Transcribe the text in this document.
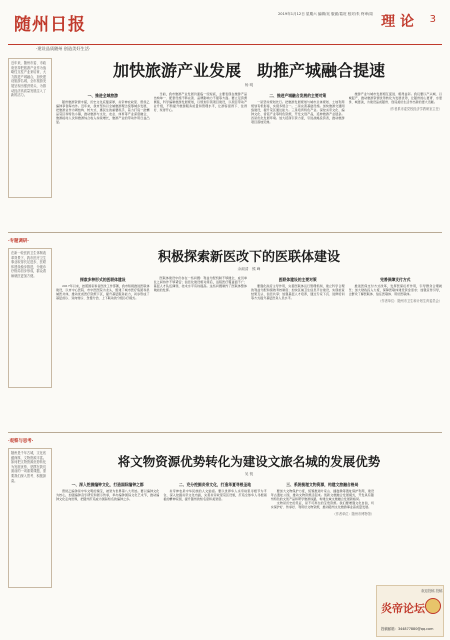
随州日报
2019年1月12日 星期六 编辑/吴 版面/葛旺 校对/朱 终审/周 理 论 3
·建设品质随州 创造美好生活·

近年来，随州市委、市政府坚持把旅游产业作为战略性支柱产业来培育，大力推进产城融合，加快建设旅游名城，全市旅游发展呈现出强劲势头，为推动经济高质量发展注入了新的活力。

加快旅游产业发展　助推产城融合提速
杨 明
一、推进全域旅游

随州旅游资源丰富，历史文化底蕴深厚，炎帝神农故里、曾侯乙编钟享誉海内外。近年来，我市坚持以全域旅游理念统筹城乡发展，把旅游业作为调结构、转方式、惠民生的重要抓手，着力打造一批精品景区和特色小镇，推动旅游与文化、农业、体育等产业深度融合，旅游接待人次和旅游综合收入持续增长，旅游产业的带动作用日益凸显。

当前，我市旅游产业发展仍面临一些短板，主要表现在旅游产品结构单一、配套设施不够完善、品牌影响力不强等方面。要立足资源禀赋，科学编制旅游发展规划，以规划引领项目建设，以项目带动产业升级，不断提升旅游服务质量和管理水平，让游客留得下、住得好、玩得开心。

二、推进产城融合发展的主要对策

一是坚持规划先行。把旅游发展规划与城市总体规划、土地利用规划有机衔接，实现多规合一。二是完善基础设施。加快旅游交通网络建设，提升景区通达能力。三是培育特色产业。深挖炎帝文化、编钟文化、香菇产业等特色资源，开发文创产品，延伸旅游产业链条。四是优化发展环境。加大招商引资力度，引进战略投资者，推动旅游项目落地见效。

旅游产业与城市发展相互促进、相得益彰。我们要以产兴城、以城促产，推动旅游资源优势转化为发展优势，让随州的山更青、水更绿、城更美，为建设品质随州、创造美好生活作出新的更大贡献。

（作者系市委党校经济学教研室主任）
·专题调研·

在新一轮医药卫生体制改革背景下，我市医疗卫生事业取得长足进步，医联体建设稳步推进，分级诊疗格局初步形成，群众看病就医更加方便。

积极探索新医改下的医联体建设
余淑清　熊 峰
探索多种形式的医联体建设

2017年以来，按照国家和省医改工作部署，我市积极推进医联体建设，以市中心医院、市中医医院为龙头，组建了城市医疗集团和县域医共体，推动优质医疗资源下沉，提升基层服务能力，初步形成了基层首诊、双向转诊、急慢分治、上下联动的分级诊疗模式。

医联体建设中仍存在一些问题：利益分配机制不够健全，成员单位之间协作不够紧密；信息化建设相对滞后，远程医疗覆盖面不广；基层人才队伍薄弱，技术水平有待提高。这些问题制约了医联体整体效能的发挥。

医联体建设的主要对策

要强化政府主导作用，完善医联体运行管理机制，建立科学合理的利益分配和绩效考核制度；加快区域卫生信息平台建设，实现检查结果互认、信息共享；加强基层人才培养，通过专家下沉、进修培训等方式提升基层医务人员水平。

完善保障支付方式

推进医保支付方式改革，发挥医保杠杆作用，引导群众合理就医；加大财政投入力度，保障医联体建设资金需求；加强宣传引导，让群众了解医联体、信任医联体、用好医联体。

（作者单位：随州市卫生和计划生育委员会）
·观察与思考·

随州是千年古城，文化底蕴深厚，文物资源丰富。如何把文物资源优势转化为发展优势，是摆在我们面前的一项重要课题，需要我们深入思考、积极探索。

将文物资源优势转化为建设文旅名城的发展优势
吴 锐
一、深入挖掘编钟文化，打造国际编钟之都

曾侯乙编钟是中华文明的瑰宝，被誉为世界第八大奇迹。要以编钟文化为核心，加强编钟音乐研究和展示传承，举办编钟国际文化艺术节，推动编钟文化走向世界，把随州打造成为国际知名的编钟之乡。

二、充分挖掘炎帝文化，打造华夏寻根圣地

炎帝神农是中华民族的人文始祖。要以世界华人炎帝故里寻根节为平台，深入挖掘炎帝文化内涵，完善炎帝故里景区设施，打造全球华人寻根谒祖的精神家园，提升随州的知名度和美誉度。

三、系统梳理文物资源，构建文旅融合格局

要加大文物保护力度，统筹推进叶家山、擂鼓墩等遗址保护利用，建设考古遗址公园，推动文物资源活起来。创新文旅融合发展模式，开发具有随州特色的文创产品和研学旅游线路，构建全域文旅融合发展新格局。

文物是历史的见证，是不可再生的宝贵资源。我们要增强文化自信，切实保护好、传承好、利用好文物资源，推动随州文化旅游事业高质量发展。

（作者单位：随州市博物馆）
欢迎投稿 投稿
炎帝论坛
投稿邮箱：344877880@qq.com
